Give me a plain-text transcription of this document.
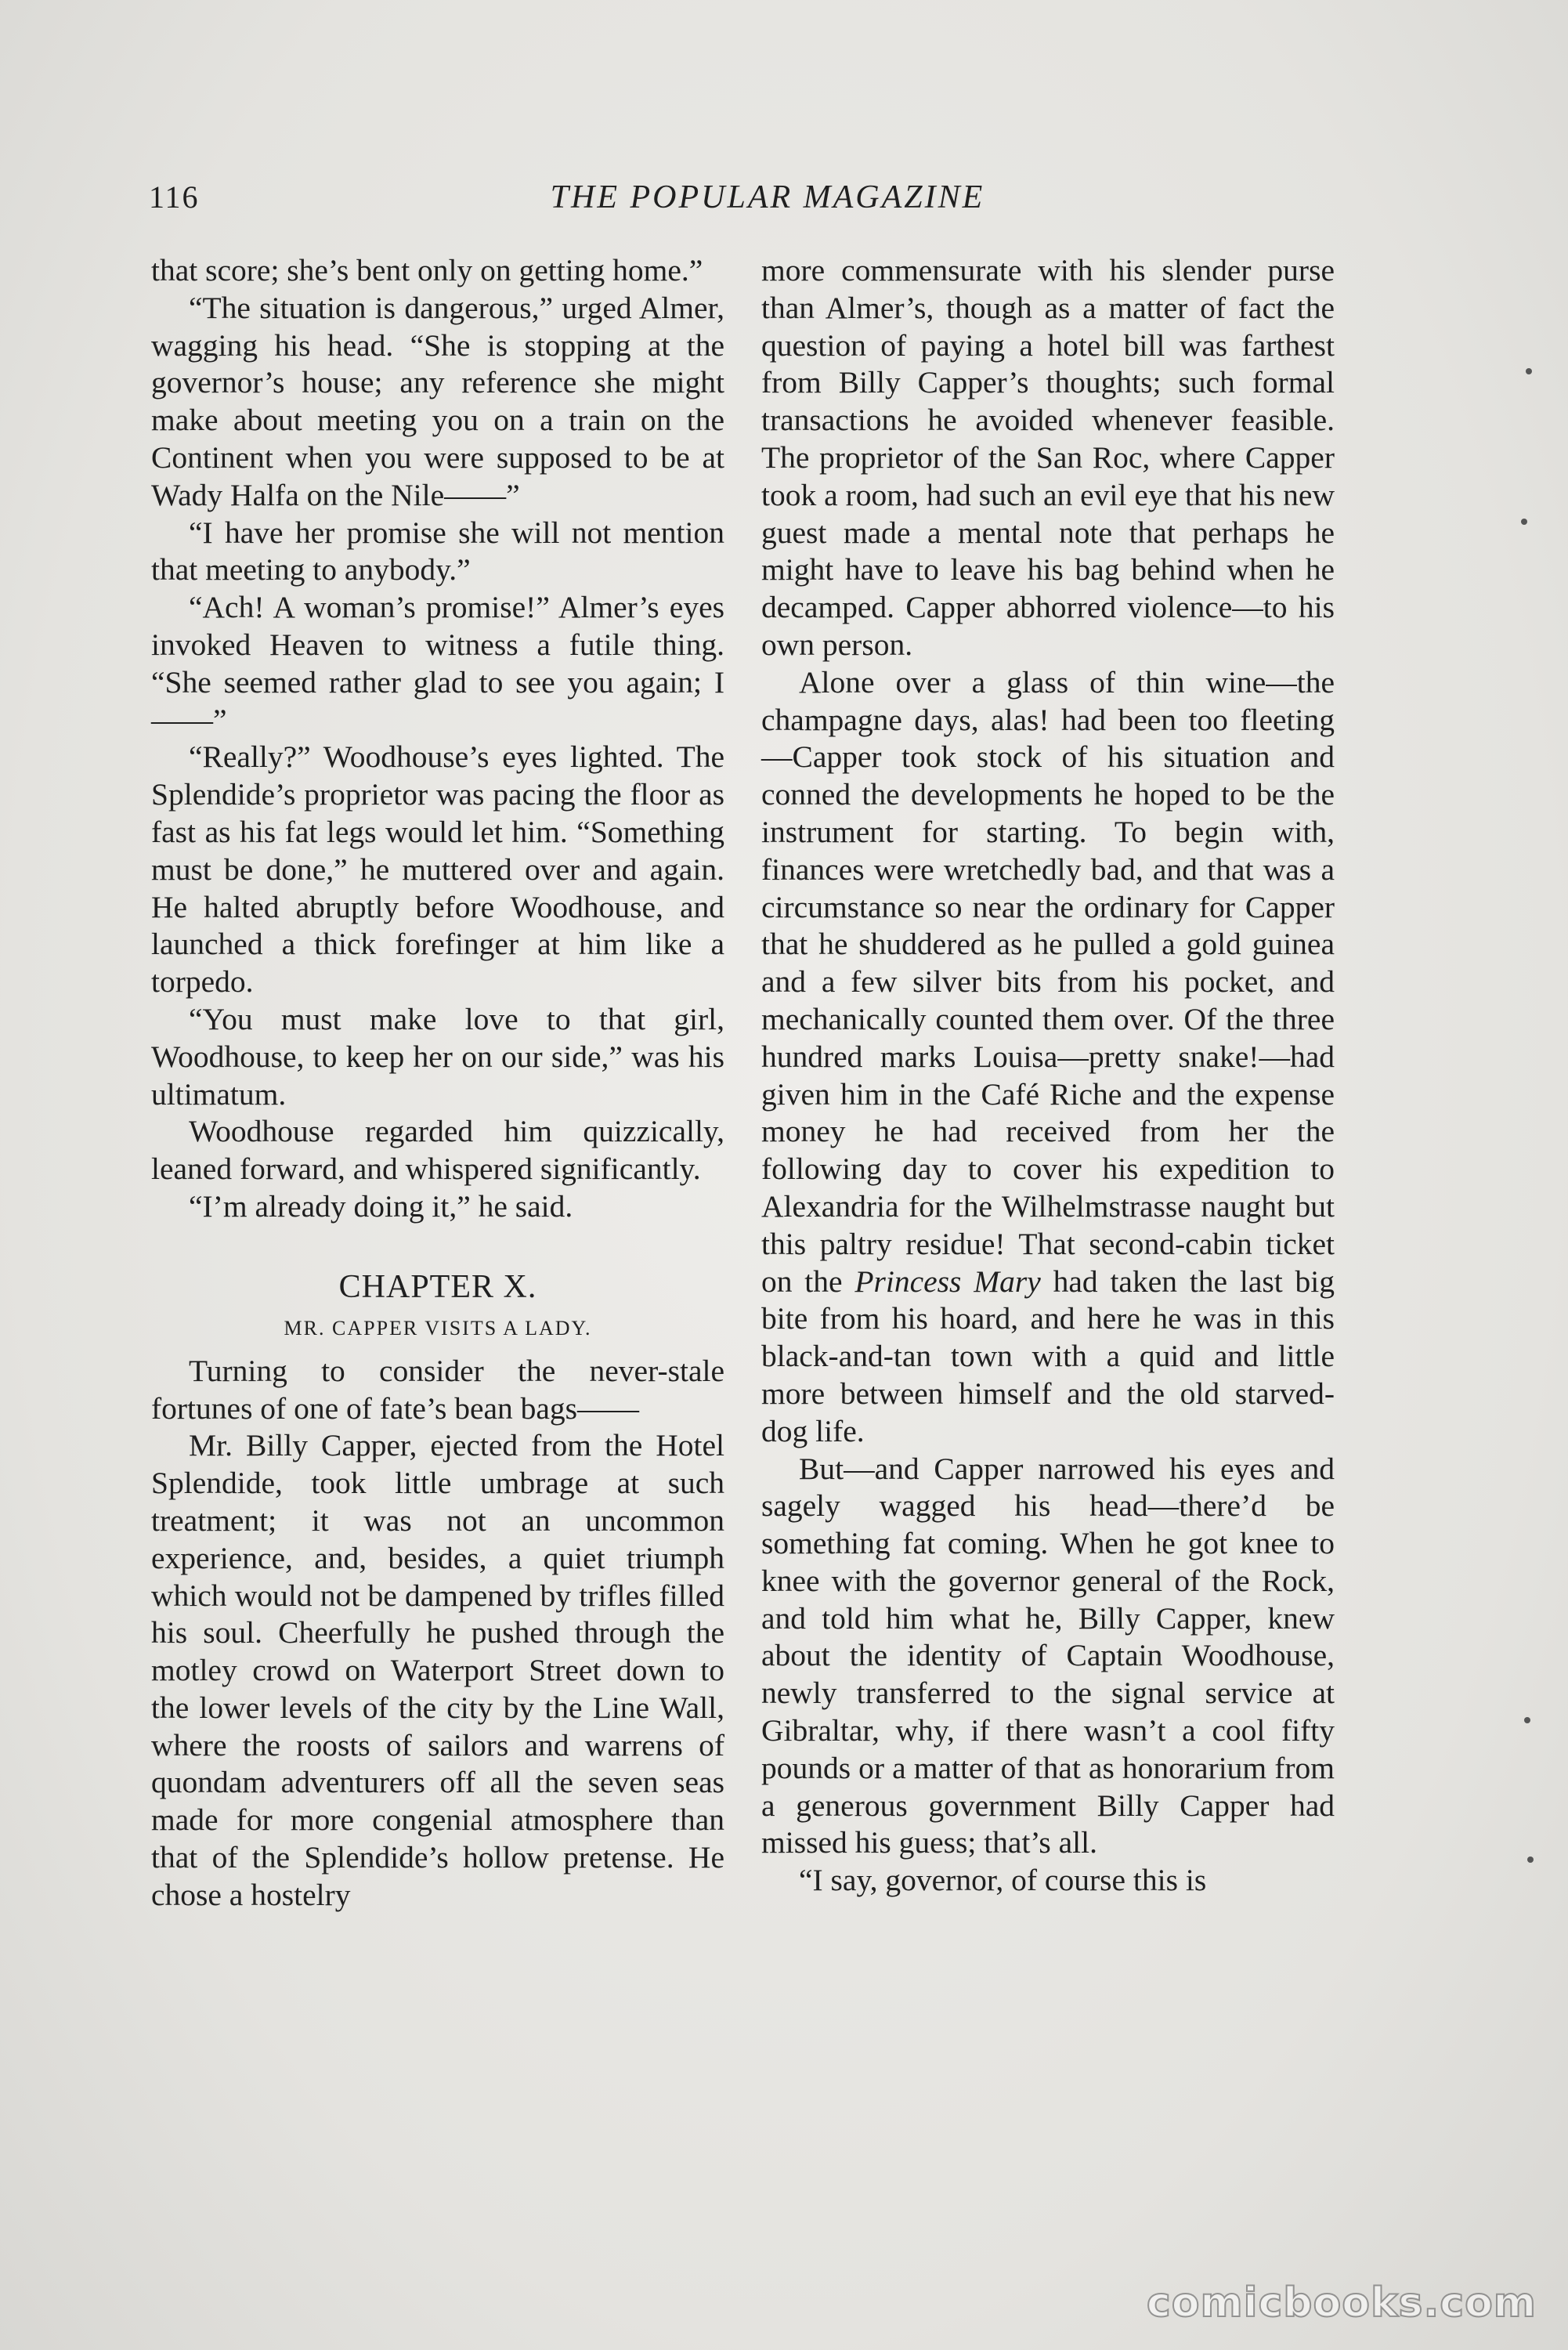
116	THE POPULAR MAGAZINE

that score; she’s bent only on getting home.”

“The situation is dangerous,” urged Almer, wagging his head. “She is stopping at the governor’s house; any reference she might make about meeting you on a train on the Continent when you were supposed to be at Wady Halfa on the Nile——”

“I have her promise she will not mention that meeting to anybody.”

“Ach! A woman’s promise!” Almer’s eyes invoked Heaven to witness a futile thing. “She seemed rather glad to see you again; I——”

“Really?” Woodhouse’s eyes lighted. The Splendide’s proprietor was pacing the floor as fast as his fat legs would let him. “Something must be done,” he muttered over and again. He halted abruptly before Woodhouse, and launched a thick forefinger at him like a torpedo.

“You must make love to that girl, Woodhouse, to keep her on our side,” was his ultimatum.

Woodhouse regarded him quizzically, leaned forward, and whispered significantly.

“I’m already doing it,” he said.

CHAPTER X.
MR. CAPPER VISITS A LADY.

Turning to consider the never-stale fortunes of one of fate’s bean bags——

Mr. Billy Capper, ejected from the Hotel Splendide, took little umbrage at such treatment; it was not an uncommon experience, and, besides, a quiet triumph which would not be dampened by trifles filled his soul. Cheerfully he pushed through the motley crowd on Waterport Street down to the lower levels of the city by the Line Wall, where the roosts of sailors and warrens of quondam adventurers off all the seven seas made for more congenial atmosphere than that of the Splendide’s hollow pretense. He chose a hostelry

more commensurate with his slender purse than Almer’s, though as a matter of fact the question of paying a hotel bill was farthest from Billy Capper’s thoughts; such formal transactions he avoided whenever feasible. The proprietor of the San Roc, where Capper took a room, had such an evil eye that his new guest made a mental note that perhaps he might have to leave his bag behind when he decamped. Capper abhorred violence—to his own person.

Alone over a glass of thin wine—the champagne days, alas! had been too fleeting—Capper took stock of his situation and conned the developments he hoped to be the instrument for starting. To begin with, finances were wretchedly bad, and that was a circumstance so near the ordinary for Capper that he shuddered as he pulled a gold guinea and a few silver bits from his pocket, and mechanically counted them over. Of the three hundred marks Louisa—pretty snake!—had given him in the Café Riche and the expense money he had received from her the following day to cover his expedition to Alexandria for the Wilhelmstrasse naught but this paltry residue! That second-cabin ticket on the Princess Mary had taken the last big bite from his hoard, and here he was in this black-and-tan town with a quid and little more between himself and the old starved-dog life.

But—and Capper narrowed his eyes and sagely wagged his head—there’d be something fat coming. When he got knee to knee with the governor general of the Rock, and told him what he, Billy Capper, knew about the identity of Captain Woodhouse, newly transferred to the signal service at Gibraltar, why, if there wasn’t a cool fifty pounds or a matter of that as honorarium from a generous government Billy Capper had missed his guess; that’s all.

“I say, governor, of course this is

comicbooks.com
